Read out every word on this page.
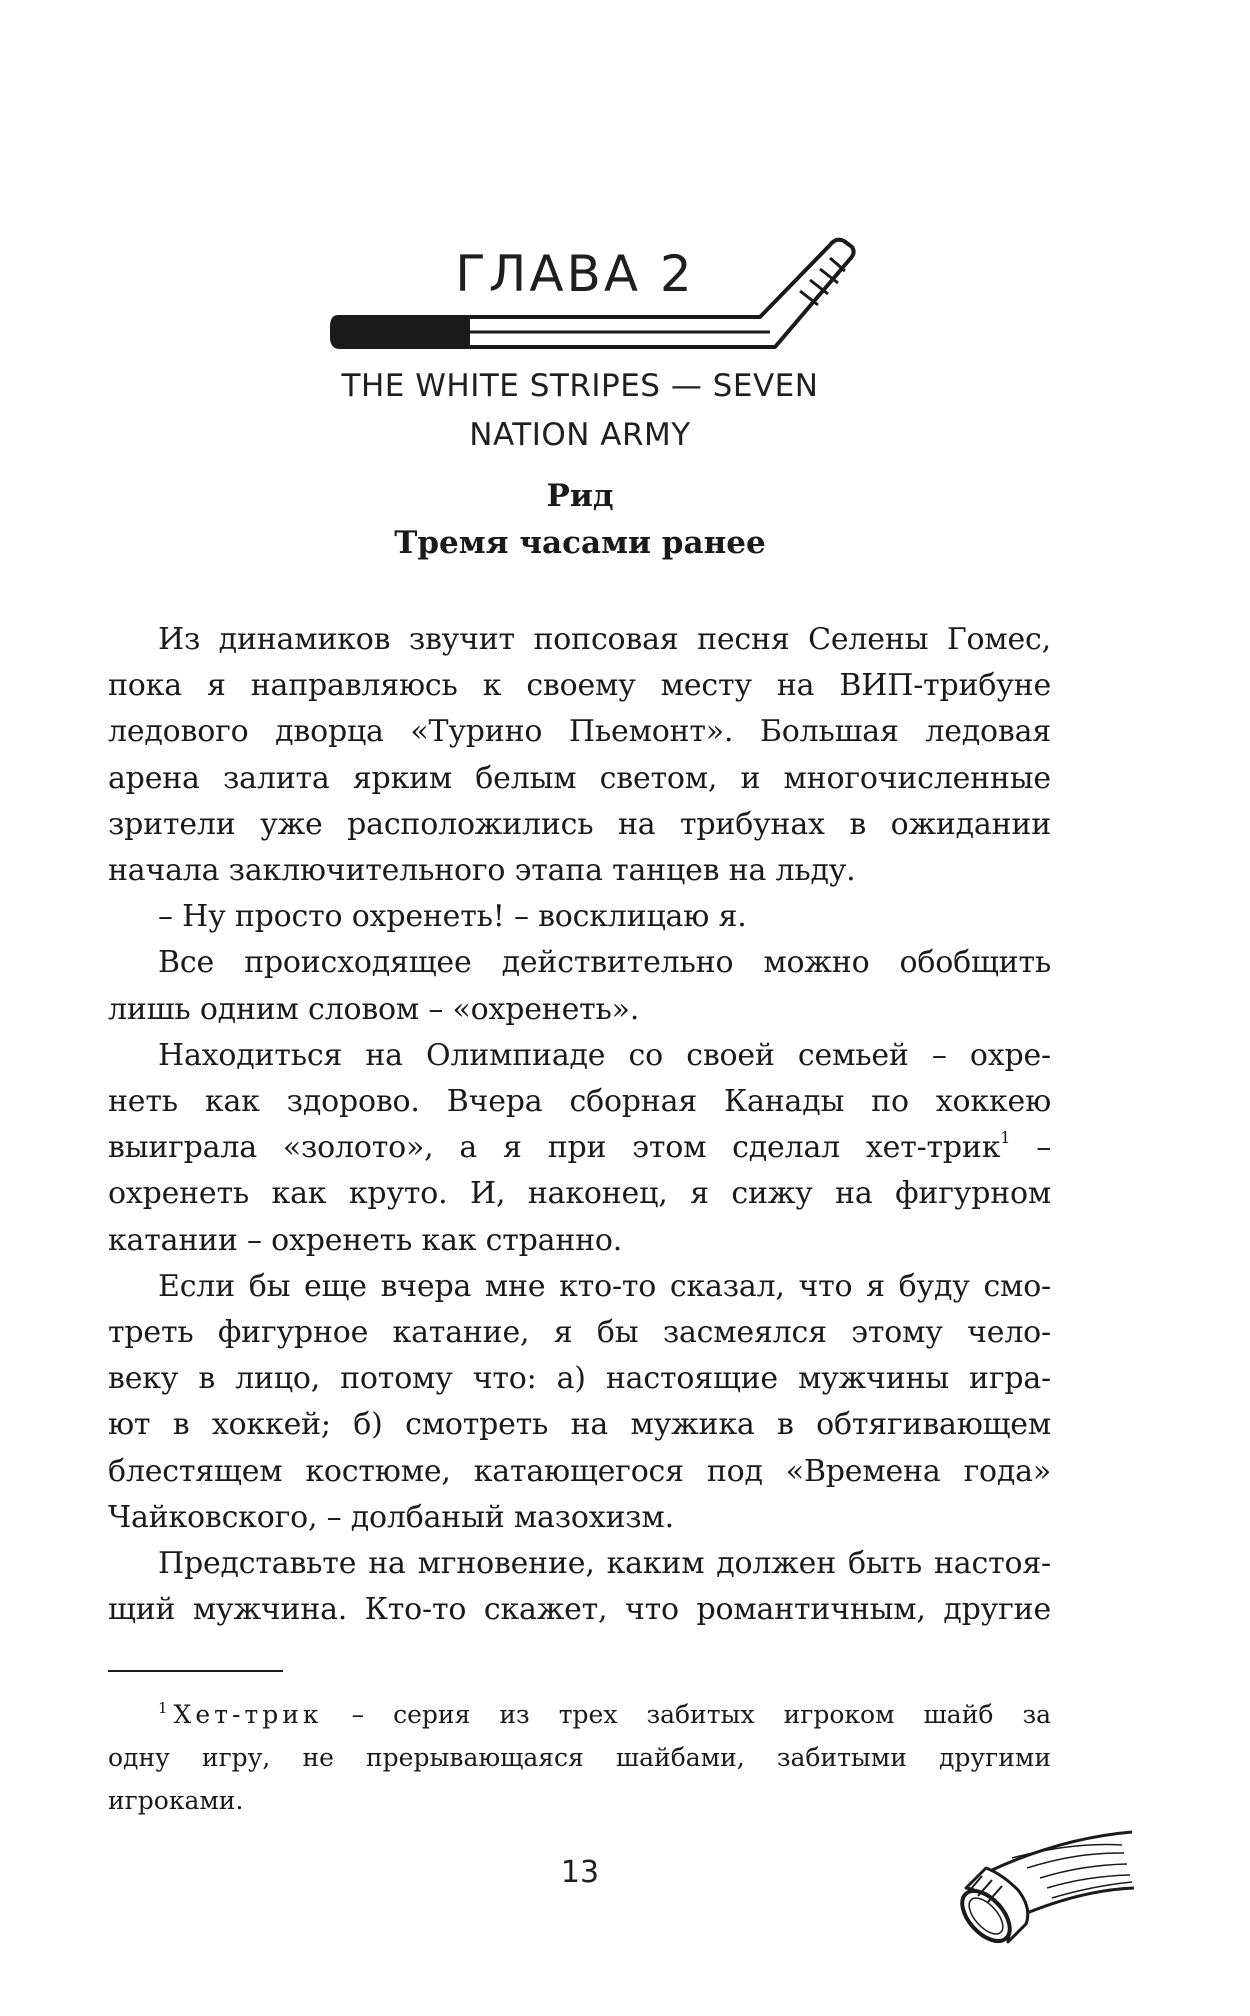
ГЛАВА 2
THE WHITE STRIPES — SEVEN
NATION ARMY
Рид
Тремя часами ранее
Из динамиков звучит попсовая песня Селены Гомес,
пока я направляюсь к своему месту на ВИП-трибуне
ледового дворца «Турино Пьемонт». Большая ледовая
арена залита ярким белым светом, и многочисленные
зрители уже расположились на трибунах в ожидании
начала заключительного этапа танцев на льду.
– Ну просто охренеть! – восклицаю я.
Все происходящее действительно можно обобщить
лишь одним словом – «охренеть».
Находиться на Олимпиаде со своей семьей – охре-
неть как здорово. Вчера сборная Канады по хоккею
выиграла «золото», а я при этом сделал хет-трик$^1$ –
охренеть как круто. И, наконец, я сижу на фигурном
катании – охренеть как странно.
Если бы еще вчера мне кто-то сказал, что я буду смо-
треть фигурное катание, я бы засмеялся этому чело-
веку в лицо, потому что: а) настоящие мужчины игра-
ют в хоккей; б) смотреть на мужика в обтягивающем
блестящем костюме, катающегося под «Времена года»
Чайковского, – долбаный мазохизм.
Представьте на мгновение, каким должен быть настоя-
щий мужчина. Кто-то скажет, что романтичным, другие
$^1$ Хет-трик – серия из трех забитых игроком шайб за
одну игру, не прерывающаяся шайбами, забитыми другими
игроками.
13
